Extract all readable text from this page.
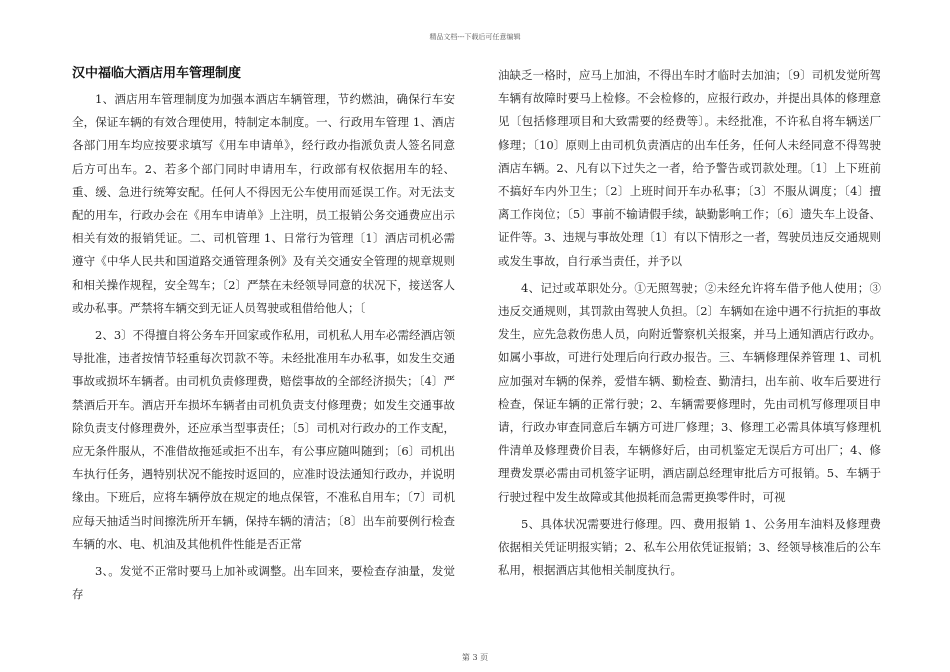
精品文档---下载后可任意编辑
汉中福临大酒店用车管理制度

1、酒店用车管理制度为加强本酒店车辆管理，节约燃油，确保行车安全，保证车辆的有效合理使用，特制定本制度。一、行政用车管理 1、酒店各部门用车均应按要求填写《用车申请单》，经行政办指派负责人签名同意后方可出车。2、若多个部门同时申请用车，行政部有权依据用车的轻、重、缓、急进行统筹安配。任何人不得因无公车使用而延误工作。对无法支配的用车，行政办会在《用车申请单》上注明，员工报销公务交通费应出示相关有效的报销凭证。二、司机管理 1、日常行为管理〔1〕酒店司机必需遵守《中华人民共和国道路交通管理条例》及有关交通安全管理的规章规则和相关操作规程，安全驾车；〔2〕严禁在未经领导同意的状况下，接送客人或办私事。严禁将车辆交到无证人员驾驶或租借给他人；〔

2、3〕不得擅自将公务车开回家或作私用，司机私人用车必需经酒店领导批准，违者按情节轻重每次罚款不等。未经批准用车办私事，如发生交通事故或损坏车辆者。由司机负责修理费，赔偿事故的全部经济损失；〔4〕严禁酒后开车。酒店开车损坏车辆者由司机负责支付修理费；如发生交通事故除负责支付修理费外，还应承当型事责任；〔5〕司机对行政办的工作支配，应无条件服从，不准借故拖延或拒不出车，有公事应随叫随到；〔6〕司机出车执行任务，遇特别状况不能按时返回的，应准时设法通知行政办，并说明缘由。下班后，应将车辆停放在规定的地点保管，不准私自用车；〔7〕司机应每天抽适当时间擦洗所开车辆，保持车辆的清洁；〔8〕出车前要例行检查车辆的水、电、机油及其他机件性能是否正常

3、。发觉不正常时要马上加补或调整。出车回来，要检查存油量，发觉存

油缺乏一格时，应马上加油，不得出车时才临时去加油；〔9〕司机发觉所驾车辆有故障时要马上检修。不会检修的，应报行政办，并提出具体的修理意见〔包括修理项目和大致需要的经费等〕。未经批准，不许私自将车辆送厂修理；〔10〕原则上由司机负责酒店的出车任务，任何人未经同意不得驾驶酒店车辆。2、凡有以下过失之一者，给予警告或罚款处理。〔1〕上下班前不搞好车内外卫生；〔2〕上班时间开车办私事；〔3〕不服从调度；〔4〕擅离工作岗位；〔5〕事前不输请假手续，缺勤影响工作；〔6〕遗失车上设备、证件等。3、违规与事故处理〔1〕有以下情形之一者，驾驶员违反交通规则或发生事故，自行承当责任，并予以

4、记过或革职处分。①无照驾驶；②未经允许将车借予他人使用；③违反交通规则，其罚款由驾驶人负担。〔2〕车辆如在途中遇不行抗拒的事故发生，应先急救伤患人员，向附近警察机关报案，并马上通知酒店行政办。如属小事故，可进行处理后向行政办报告。三、车辆修理保养管理 1、司机应加强对车辆的保养，爱惜车辆、勤检查、勤清扫，出车前、收车后要进行检查，保证车辆的正常行驶；2、车辆需要修理时，先由司机写修理项目申请，行政办审查同意后车辆方可进厂修理；3、修理工必需具体填写修理机件清单及修理费价目表，车辆修好后，由司机鉴定无误后方可出厂；4、修理费发票必需由司机签字证明，酒店副总经理审批后方可报销。5、车辆于行驶过程中发生故障或其他损耗而急需更换零件时，可视

5、具体状况需要进行修理。四、费用报销 1、公务用车油料及修理费依据相关凭证明报实销；2、私车公用依凭证报销；3、经领导核准后的公车私用，根据酒店其他相关制度执行。

第 3 页
